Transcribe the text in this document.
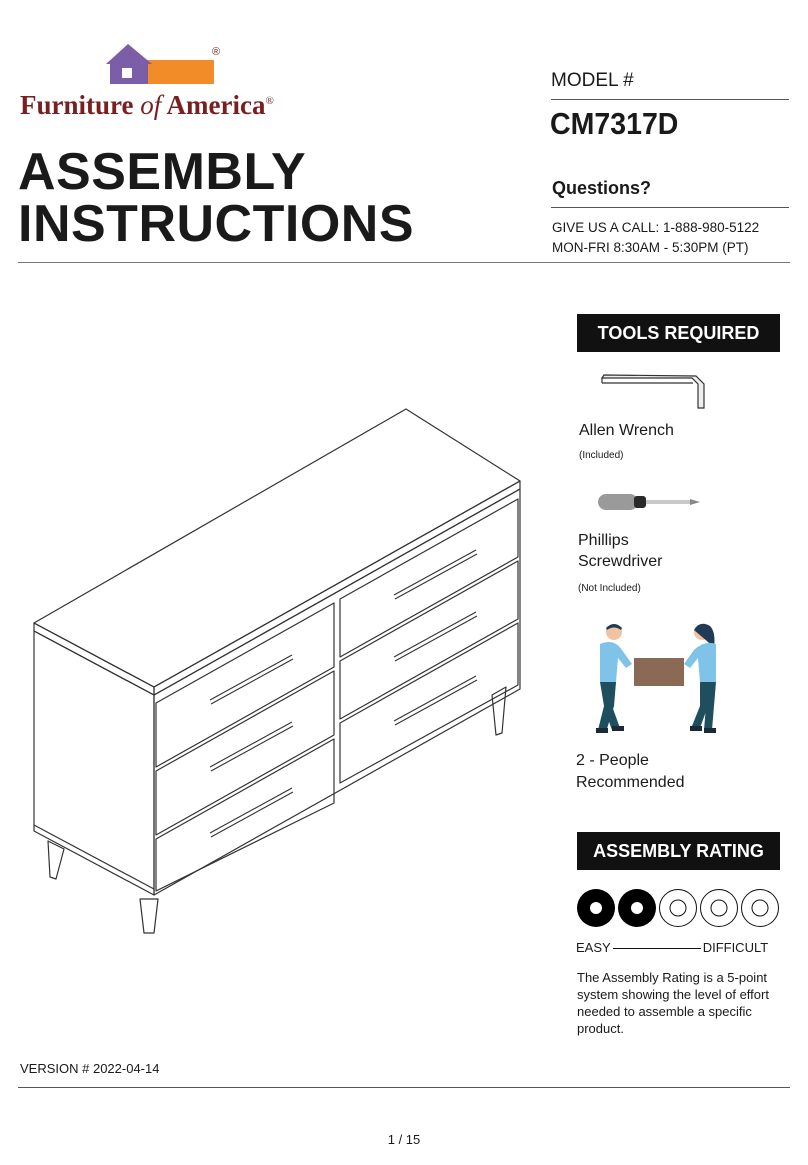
®
Furniture of America®
ASSEMBLY
INSTRUCTIONS
MODEL #
CM7317D
Questions?
GIVE US A CALL: 1-888-980-5122
MON-FRI 8:30AM - 5:30PM (PT)
TOOLS REQUIRED
Allen Wrench
(Included)
Phillips
Screwdriver
(Not Included)
2 - People
Recommended
ASSEMBLY RATING
EASY	DIFFICULT
The Assembly Rating is a 5-point system showing the level of effort needed to assemble a specific product.
VERSION # 2022-04-14
1 / 15
